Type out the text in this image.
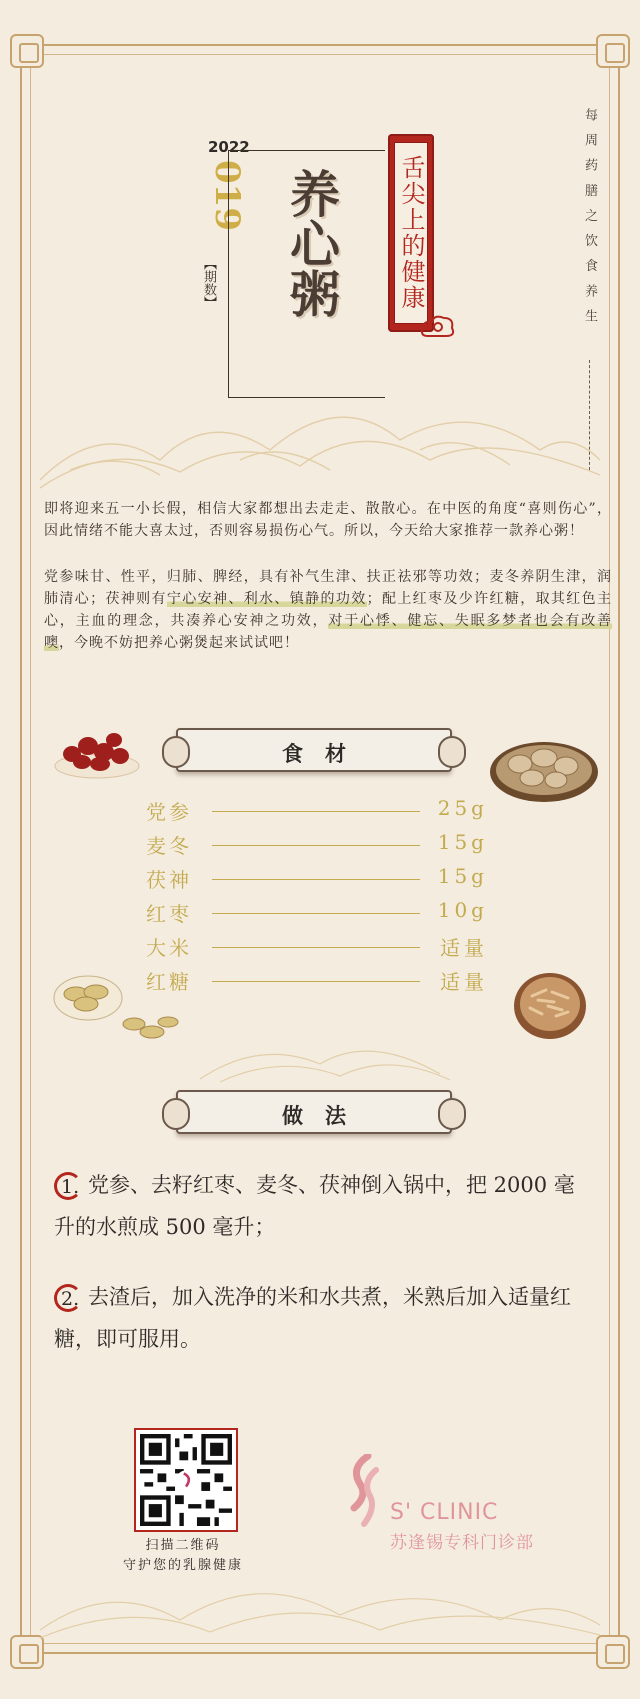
2022
019
【期数】 养心粥 舌尖上的健康	每 周 药 膳 之 饮 食 养 生
即将迎来五一小长假，相信大家都想出去走走、散散心。在中医的角度“喜则伤心”，因此情绪不能大喜太过，否则容易损伤心气。所以，今天给大家推荐一款养心粥！
党参味甘、性平，归肺、脾经，具有补气生津、扶正祛邪等功效；麦冬养阴生津，润肺清心；茯神则有宁心安神、利水、镇静的功效；配上红枣及少许红糖，取其红色主心，主血的理念，共凑养心安神之功效，对于心悸、健忘、失眠多梦者也会有改善噢，今晚不妨把养心粥煲起来试试吧！
食材
党参	25g
麦冬	15g
茯神	15g
红枣	10g
大米	适量
红糖	适量
做法
1. 党参、去籽红枣、麦冬、茯神倒入锅中，把 2000 毫升的水煎成 500 毫升；
2. 去渣后，加入洗净的米和水共煮，米熟后加入适量红糖，即可服用。
扫描二维码
守护您的乳腺健康
S' CLINIC
苏逢锡专科门诊部
